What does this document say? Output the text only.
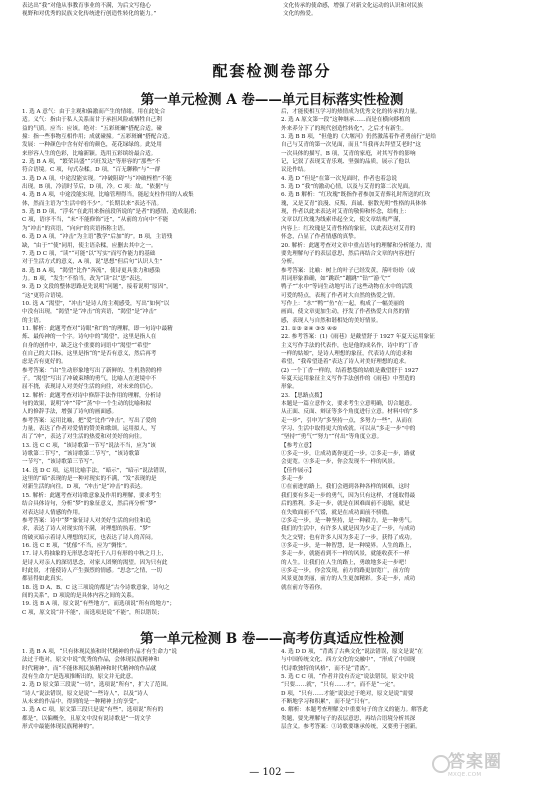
表达出“我”对他从事教育事业的不满，为后文写他心
视野和对优秀的民族文化传统进行创造性转化的能力。”
文化传承的使命感，增强了对新文化运动的认识和对民族
文化的热爱。
配套检测卷部分
第一单元检测 A 卷——单元目标落实性检测
1. 选 A 意气：由于主观和偏激而产生的情绪。用在此处合
适。义气：指由于私人关系而甘于承担风险或牺牲自己利
益的气质。应当：应该。绝对：“五彩斑斓”搭配合适。碰
撞：指一些事物互相作用；成就碰撞。“五彩斑斓”搭配合适。
发展：一种颜色中含有好看的颜色，花花绿绿的。此处用
来形容人生的色彩，比喻新颖。选用五彩缤纷最合适。
2. 选 B A 项，“繁荣昌盛”“兴旺发达”等形容的“那些”不
符合语境。C 项，句式杂糅。D 项，“百无聊赖”与“一群
3. 选 D A 项，中途没能实现。“冲破阻碍”与“冲破桎梏”不能
出现。B 项，冷清时节后，D 项，冷。C 项：故。“依据”与
4. 选 B A 项，中途没能实现，比喻管理得当，能起支柱作用的人或集
体，然而主语为“生活中的不少”。“长期以来”表达不清。
5. 选 B D 项，“浮名”在此用来指前段所说的“是者”的感情，造成混淆；
C 项，语序不当，“未”不能修饰“还”，“从前的方向中”不能
为“冲击”的宾语，“向向”的宾语指称主语。
6. 选 D A 项，“冲击”为主语“教学”后加“的”。B 项，主语残
缺，“由于”“使”同用，使主语杂糅，应删去其中之一。
7. 选 D C 项，“读”“可能”以“写实”而写作能力的基础
对于生活方式的意义，A 项，说“思想”但后句“认识人生”
8. 选 B A 项，“渴望”比作“奔流”，使诗更具张力和感染
力。B 项，“发生”不恰当，改为“读”以“思”表达。
9. 选 D 文段的整体思路是先说明“问题”，接着说明“原因”，
“这”更符合语境。
10. 选 A “渴望”，“冲击”是诗人的主观感受，写出“如何”以
中没有出现，“渴望”是“冲击”的宾语，“渴望”是“冲击”
的主语。
11. 解析：此题考查对“诗眼”和“的”的理解，即一句诗中最精
炼、最传神的一个字。诗句中的“渴望”，这里是指人在
自身的创作中，缺乏这个重要的词语中“渴望”“希望”
在自己的大目标，这里是指“的”是否有意义，然后再考
虑是否有更好的。
参考答案：“由”生动形象地写出了新鲜的、生机勃勃的样
子。“渴望”写出了冲破束缚的勇气，比喻人在逆境中不
屈不挠，表现诗人对美好生活的向往，对未来的信心。
12. 解析：此题考查对诗中修辞手法作用的理解，分析诗
句的效果，说明“冲”“带”“蒸”中一个生动的比喻和拟
人的修辞手法，增强了诗句的画面感。
参考答案：运用比喻，把“爱”比作“冲击”，写出了爱的
力量，表达了作者对爱情的赞美和歌颂。运用拟人，写
出了“冲”，表达了对生活的热爱和对美好的向往。
13. 选 C C 项，“该诗歌第一节写”说法不当，应为“该
诗歌第二节写”，“该诗歌第二节写”，“该诗歌第
一节写”，“该诗歌第三节写”。
14. 选 D C 项，运用比喻手法，“暗示”，“暗示”说法错误，
这里的“暗”表现的是一种对现实的不满，“发”表现的是
对新生活的向往。D 项，“冲击”是“冲击”的表达。
15. 解析：此题考查对诗歌意象及作用的理解，要求考生
结合具体诗句，分析“梦”的象征意义，然后再分析“梦”
对表达诗人情感的作用。
参考答案：诗中“梦”象征诗人对美好生活的向往和追
求，表达了诗人对现实的不满，对理想的执着。“梦”
的破灭暗示着诗人理想的幻灭，也表达了诗人的苦闷。
16. 选 C E 项，“忧郁”不当，应为“惆怅”。
17. 诗人将抽象的无形思念寄托于八月有形的中秋之月上，
是诗人对亲人的深切思念，对家人团聚的渴望。因为只有此
时此景，才能使诗人产生强烈的情感。“思念”之情，一切
都显得如此真实。
18. 选 D A、B、C 这三项说的都是“古今诗歌意象，诗句之
间的关系”，D 项说的是具体内容之间的关系。
19. 选 B A 项，原文说“有些地方”，而选项说“所有的地方”；
C 项，原文说“并不能”，而选项是说“不能”，所以错误；
后，才能使相互学习的热情成为优秀文化的传承的力量。
2. 选 A 原文第一段“这种继承……而是在横向移植的
外来养分下了的现代创造性转化”，之后才有新生。
3. 选 B B 项，“但他的《大堰河》仍然激荡着作者勇前行”是给
自己与艾青的第一次见面，而且“当我再去拜望艾老时”这
一次具体的描写，B 项，艾青的家庭，对其写作的影响
记，记叙了表现艾青乐观、坚强的品质，展示了他以
议论作结。
4. 选 D “但是”在第一次见面时，作者也着急说
5. 选 D “我”的激动心情，以及与艾青的第二次见面。
6. 选 B 解析：“红玫瑰”既指作者参加艾青葬礼时所送的红玫
瑰，又是艾青“浪漫、反叛、真诚、驱散光明”性格的具体体
现，作者以此来表达对艾青的敬仰和怀念，结构上：
文章以红玫瑰为线索串起全文，使文章结构严谨，
内容上：红玫瑰是艾青性格的象征，以此表达对艾青的
怀念，凸显了作者情感的真挚。
20. 解析：此题考查对文章中重点语句的理解和分析能力，需
要先理解句子的表层意思，然后再结合文章的内容进行
分析。
参考答案：比喻：树上的叶子已经发黄，落叶纷纷（或
用词形象准确，如“跳跃”“蹦跳”“钻”“游弋”“
鸭子”“水中”等词生动地写出了这些动物在水中的活泼
可爱的特点，表现了作者对大自然的热爱之情。
写作上：“水”“鸭”“鱼”在一起，构成了一幅美丽的
画面，使文章更加生动，抒发了作者热爱大自然的情
感，表现人与自然和谐相处的美好情景。
21. ①③ ②④ ③⑤ ④⑥
22. 参考答案：(1)《雨巷》是戴望舒于 1927 年夏天运用象征
主义写作手法的代表作，也是他的成名作，诗中的“丁香
一样的姑娘”，是诗人理想的象征，代表诗人的追求和
希望，“我希望逢着”表达了诗人对美好理想的追求。
(2) 一个丁香一样的，结着愁怨的姑娘是戴望舒于 1927
年夏天运用象征主义写作手法创作的《雨巷》中塑造的
形象。
23. 【思路点拨】
本题是一篇立意作文，要求考生立意明确，切合题意。
从正面、反面、辩证等多个角度进行立意。材料中的“多
走一步”，引申为“多坚持一点，多努力一些”，从而在
学习、生活中取得更大的成就。可以从“多走一步”中的
“坚持”“勇气”“努力”“付出”等角度立意。
【参考立意】
①多走一步，让成功离你更近一步。②多走一步，路就
会更宽。③多走一步，你会发现不一样的风景。
【佳作展示】
多走一步
①在前进的路上，我们会遇到各种各样的困难，这时
我们要有多走一步的勇气，因为只有这样，才能取得最
后的胜利。多走一步，就是在困难面前不退缩，就是
在失败面前不气馁，就是在成功面前不骄傲。
②多走一步，是一种坚持，是一种毅力，是一种勇气。
我们的生活中，有许多人就是因为少走了一步，与成功
失之交臂；也有许多人因为多走了一步，获得了成功。
③多走一步，是一种智慧，是一种境界。人生的路上，
多走一步，就能看到不一样的风景，就能收获不一样
的人生。让我们在人生的路上，勇敢地多走一步吧！
④多走一步，你会发现，前方的路更加宽广，前方的
风景更加美丽，前方的人生更加精彩。多走一步，成功
就在前方等着你。
第一单元检测 B 卷——高考仿真适应性检测
1. 选 B A 项，“只有体现民族和时代精神的作品才有生命力”说
法过于绝对，原文中说“优秀的作品，会体现民族精神和
时代精神”，而“不能体现民族精神和时代精神的作品就
没有生命力”是选项推断出的，原文并无此意。
2. 选 D 原文第三段说“一切”，选项说“所有”，扩大了范围。
“诗人”说法错误，原文是说“一些诗人”，以及“诗人
从未来的作品中，得到的是一种精神上的享受”。
3. 选 A C 项，原文第三段只是说“有些”，选项说“所有的
都是”，以偏概全，且原文中没有说诗歌是“一切文学
形式中最能体现民族精神的”。
4. 选 D D 项，“背离了古典文化”说法错误，原文是说“在
与中国传统文化、西方文化的交融中”，“形成了中国现
代诗歌独特的风格”，而不是“背离”。
5. 选 C C 项，“作者并没有否定”说法错误，原文中说
“只要……就”，“只有……才”，而不是“一定”。
D 项，“只有……才能”说法过于绝对，原文是说“需要
不断地学习和积累”，而不是“只有”。
6. 解析：本题考查理解文中重要句子的含义的能力。解答此
类题，要先理解句子的表层意思，再结合语境分析其深
层含义。参考答案：①诗歌要继承传统，又要勇于创新。
— 102 —
答案圈
MXQE.COM
